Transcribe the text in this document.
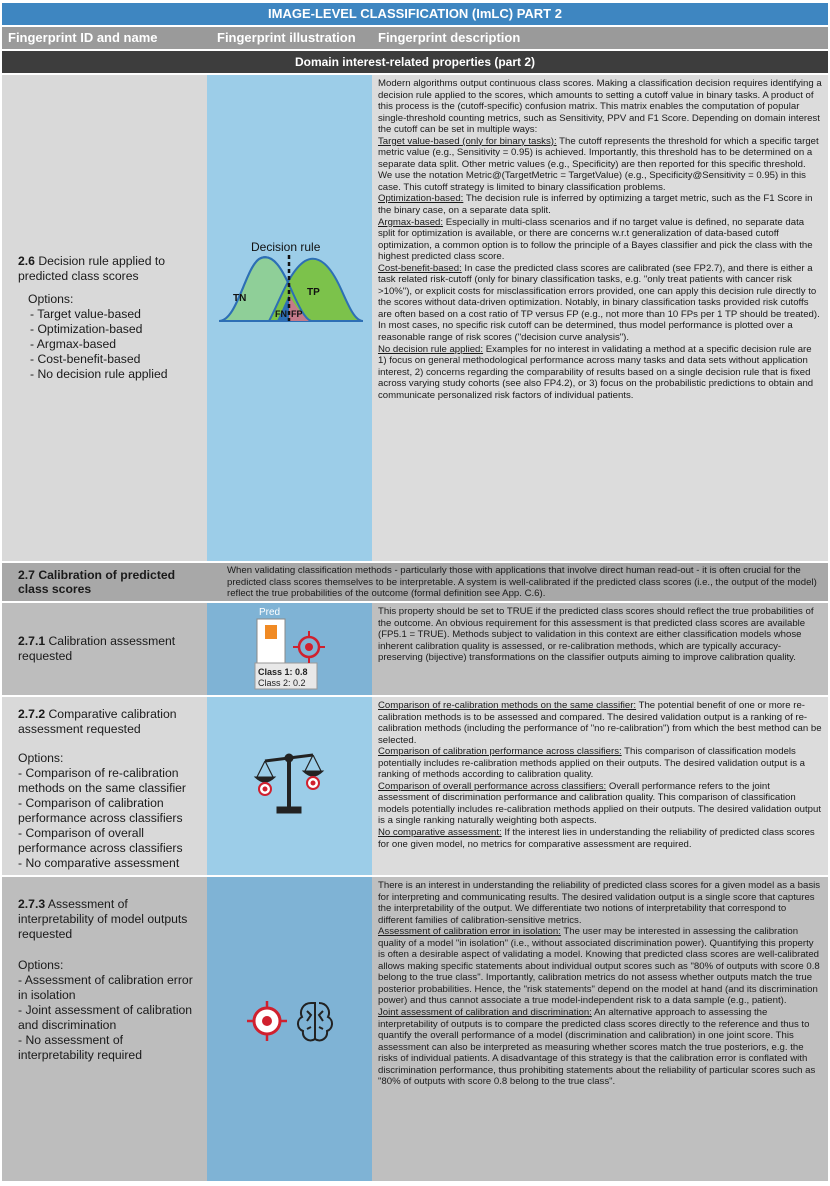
IMAGE-LEVEL CLASSIFICATION (ImLC) PART 2
Fingerprint ID and name	Fingerprint illustration	Fingerprint description
Domain interest-related properties (part 2)

2.6 Decision rule applied to predicted class scores

Options:

- Target value-based
- Optimization-based
- Argmax-based
- Cost-benefit-based
- No decision rule applied
Decision rule
TN
TP
FN FP

Modern algorithms output continuous class scores. Making a classification decision requires identifying a decision rule applied to the scores, which amounts to setting a cutoff value in binary tasks. A product of this process is the (cutoff-specific) confusion matrix. This matrix enables the computation of popular single-threshold counting metrics, such as Sensitivity, PPV and F1 Score. Depending on domain interest the cutoff can be set in multiple ways:

Target value-based (only for binary tasks): The cutoff represents the threshold for which a specific target metric value (e.g., Sensitivity = 0.95) is achieved. Importantly, this threshold has to be determined on a separate data split. Other metric values (e.g., Specificity) are then reported for this specific threshold. We use the notation Metric@(TargetMetric = TargetValue) (e.g., Specificity@Sensitivity = 0.95) in this case. This cutoff strategy is limited to binary classification problems.

Optimization-based: The decision rule is inferred by optimizing a target metric, such as the F1 Score in the binary case, on a separate data split.

Argmax-based: Especially in multi-class scenarios and if no target value is defined, no separate data split for optimization is available, or there are concerns w.r.t generalization of data-based cutoff optimization, a common option is to follow the principle of a Bayes classifier and pick the class with the highest predicted class score.

Cost-benefit-based: In case the predicted class scores are calibrated (see FP2.7), and there is either a task related risk-cutoff (only for binary classification tasks, e.g. "only treat patients with cancer risk >10%"), or explicit costs for misclassification errors provided, one can apply this decision rule directly to the scores without data-driven optimization. Notably, in binary classification tasks provided risk cutoffs are often based on a cost ratio of TP versus FP (e.g., not more than 10 FPs per 1 TP should be treated). In most cases, no specific risk cutoff can be determined, thus model performance is plotted over a reasonable range of risk scores ("decision curve analysis").

No decision rule applied: Examples for no interest in validating a method at a specific decision rule are 1) focus on general methodological performance across many tasks and data sets without application interest, 2) concerns regarding the comparability of results based on a single decision rule that is fixed across varying study cohorts (see also FP4.2), or 3) focus on the probabilistic predictions to obtain and communicate personalized risk factors of individual patients.

2.7 Calibration of predicted class scores
When validating classification methods - particularly those with applications that involve direct human read-out - it is often crucial for the predicted class scores themselves to be interpretable. A system is well-calibrated if the predicted class scores (i.e., the output of the model) reflect the true probabilities of the outcome (formal definition see App. C.6).

2.7.1 Calibration assessment requested

Pred
Class 1: 0.8
Class 2: 0.2
This property should be set to TRUE if the predicted class scores should reflect the true probabilities of the outcome. An obvious requirement for this assessment is that predicted class scores are available (FP5.1 = TRUE). Methods subject to validation in this context are either classification models whose inherent calibration quality is assessed, or re-calibration methods, which are typically accuracy-preserving (bijective) transformations on the classifier outputs aiming to improve calibration quality.

2.7.2 Comparative calibration assessment requested

Options:

- Comparison of re-calibration methods on the same classifier
- Comparison of calibration performance across classifiers
- Comparison of overall performance across classifiers
- No comparative assessment

Comparison of re-calibration methods on the same classifier: The potential benefit of one or more re-calibration methods is to be assessed and compared. The desired validation output is a ranking of re-calibration methods (including the performance of "no re-calibration") from which the best method can be selected.

Comparison of calibration performance across classifiers: This comparison of classification models potentially includes re-calibration methods applied on their outputs. The desired validation output is a ranking of methods according to calibration quality.

Comparison of overall performance across classifiers: Overall performance refers to the joint assessment of discrimination performance and calibration quality. This comparison of classification models potentially includes re-calibration methods applied on their outputs. The desired validation output is a single ranking naturally weighting both aspects.

No comparative assessment: If the interest lies in understanding the reliability of predicted class scores for one given model, no metrics for comparative assessment are required.

2.7.3 Assessment of interpretability of model outputs requested

Options:

- Assessment of calibration error in isolation
- Joint assessment of calibration and discrimination
- No assessment of interpretability required

There is an interest in understanding the reliability of predicted class scores for a given model as a basis for interpreting and communicating results. The desired validation output is a single score that captures the interpretability of the output. We differentiate two notions of interpretability that correspond to different families of calibration-sensitive metrics.

Assessment of calibration error in isolation: The user may be interested in assessing the calibration quality of a model "in isolation" (i.e., without associated discrimination power). Quantifying this property is often a desirable aspect of validating a model. Knowing that predicted class scores are well-calibrated allows making specific statements about individual output scores such as "80% of outputs with score 0.8 belong to the true class". Importantly, calibration metrics do not assess whether outputs match the true posterior probabilities. Hence, the "risk statements" depend on the model at hand (and its discrimination power) and thus cannot associate a true model-independent risk to a data sample (e.g., patient).

Joint assessment of calibration and discrimination: An alternative approach to assessing the interpretability of outputs is to compare the predicted class scores directly to the reference and thus to quantify the overall performance of a model (discrimination and calibration) in one joint score. This assessment can also be interpreted as measuring whether scores match the true posteriors, e.g. the risks of individual patients. A disadvantage of this strategy is that the calibration error is conflated with discrimination performance, thus prohibiting statements about the reliability of particular scores such as "80% of outputs with score 0.8 belong to the true class".
